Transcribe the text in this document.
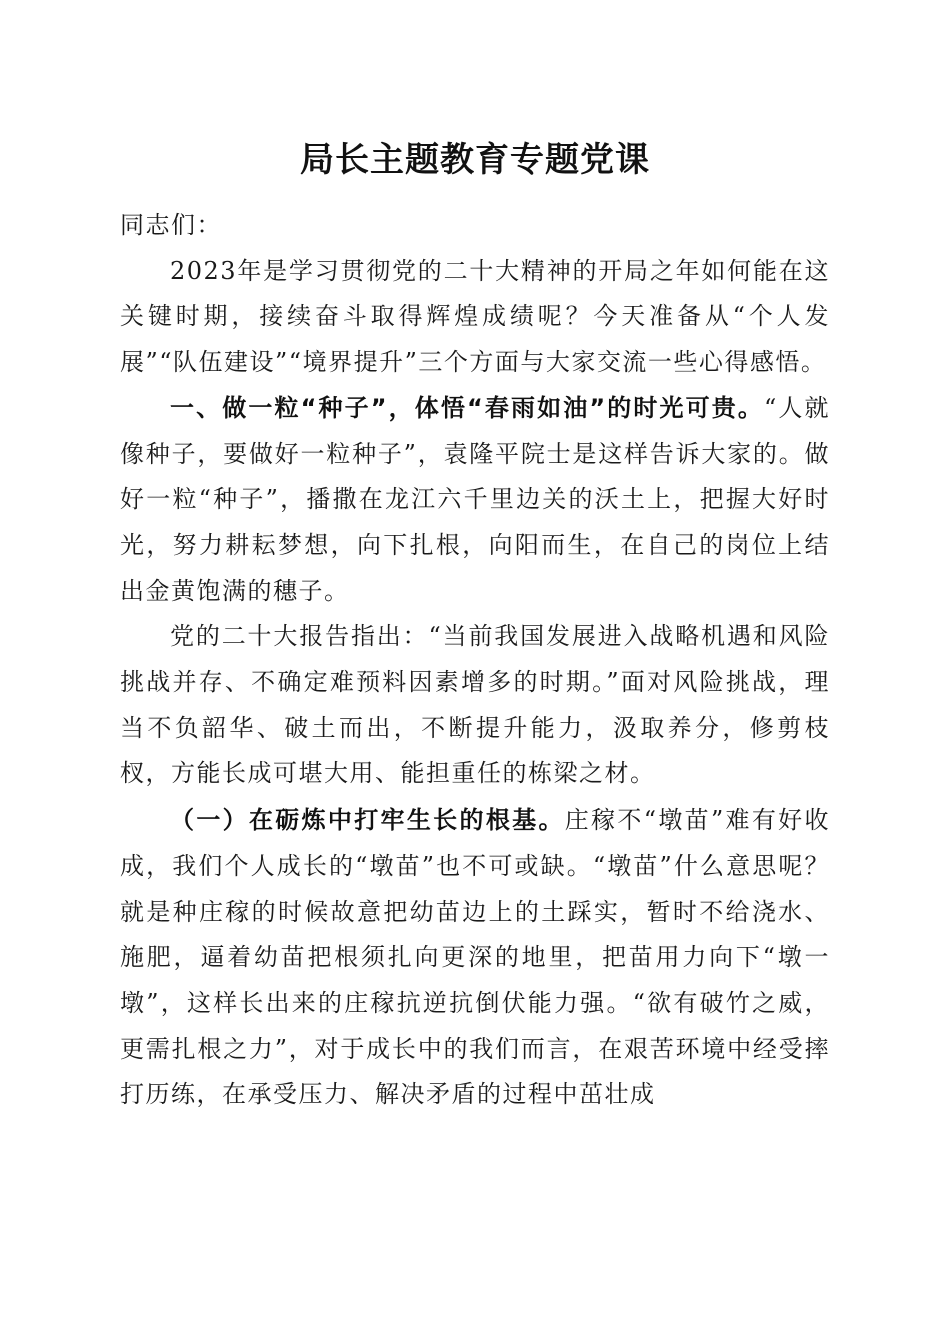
局长主题教育专题党课

同志们：

2023年是学习贯彻党的二十大精神的开局之年如何能在这关键时期，接续奋斗取得辉煌成绩呢？今天准备从“个人发展”“队伍建设”“境界提升”三个方面与大家交流一些心得感悟。

一、做一粒“种子”，体悟“春雨如油”的时光可贵。“人就像种子，要做好一粒种子”，袁隆平院士是这样告诉大家的。做好一粒“种子”，播撒在龙江六千里边关的沃土上，把握大好时光，努力耕耘梦想，向下扎根，向阳而生，在自己的岗位上结出金黄饱满的穗子。

党的二十大报告指出：“当前我国发展进入战略机遇和风险挑战并存、不确定难预料因素增多的时期。”面对风险挑战，理当不负韶华、破土而出，不断提升能力，汲取养分，修剪枝杈，方能长成可堪大用、能担重任的栋梁之材。

（一）在砺炼中打牢生长的根基。庄稼不“墩苗”难有好收成，我们个人成长的“墩苗”也不可或缺。“墩苗”什么意思呢？就是种庄稼的时候故意把幼苗边上的土踩实，暂时不给浇水、施肥，逼着幼苗把根须扎向更深的地里，把苗用力向下“墩一墩”，这样长出来的庄稼抗逆抗倒伏能力强。“欲有破竹之威，更需扎根之力”，对于成长中的我们而言，在艰苦环境中经受摔打历练，在承受压力、解决矛盾的过程中茁壮成
